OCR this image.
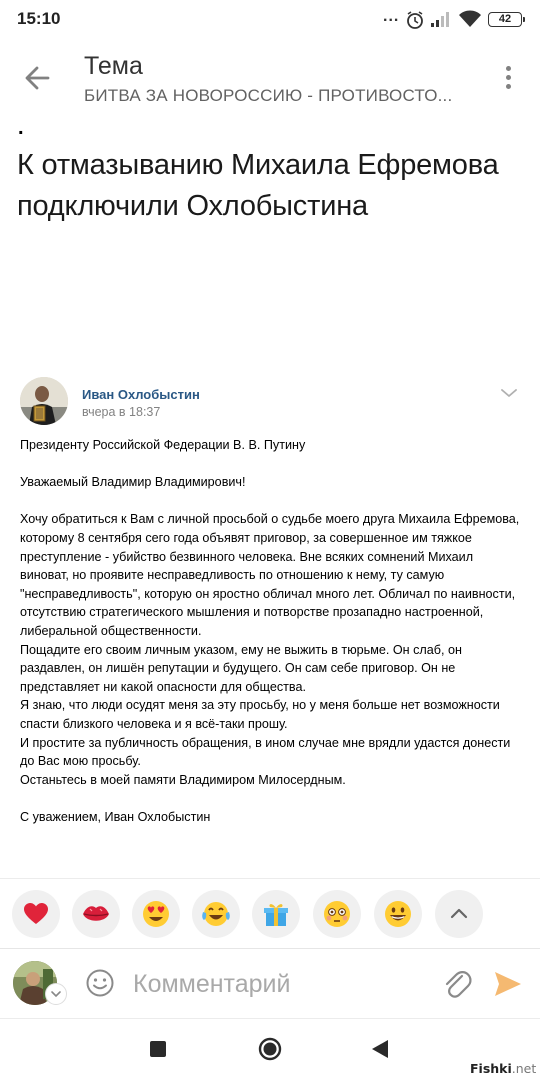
15:10	...	42
Тема
БИТВА ЗА НОВОРОССИЮ - ПРОТИВОСТО...
.
К отмазыванию Михаила Ефремова подключили Охлобыстина
Иван Охлобыстин
вчера в 18:37

Президенту Российской Федерации В. В. Путину

Уважаемый Владимир Владимирович!

Хочу обратиться к Вам с личной просьбой о судьбе моего друга Михаила Ефремова, которому 8 сентября сего года объявят приговор, за совершенное им тяжкое преступление - убийство безвинного человека. Вне всяких сомнений Михаил виноват, но проявите несправедливость по отношению к нему, ту самую "несправедливость", которую он яростно обличал много лет. Обличал по наивности, отсутствию стратегического мышления и потворстве прозападно настроенной, либеральной общественности.

Пощадите его своим личным указом, ему не выжить в тюрьме. Он слаб, он раздавлен, он лишён репутации и будущего. Он сам себе приговор. Он не представляет ни какой опасности для общества.

Я знаю, что люди осудят меня за эту просьбу, но у меня больше нет возможности спасти близкого человека и я всё-таки прошу.

И простите за публичность обращения, в ином случае мне врядли удастся донести до Вас мою просьбу.

Останьтесь в моей памяти Владимиром Милосердным.

С уважением, Иван Охлобыстин

Комментарий
Fishki.net
